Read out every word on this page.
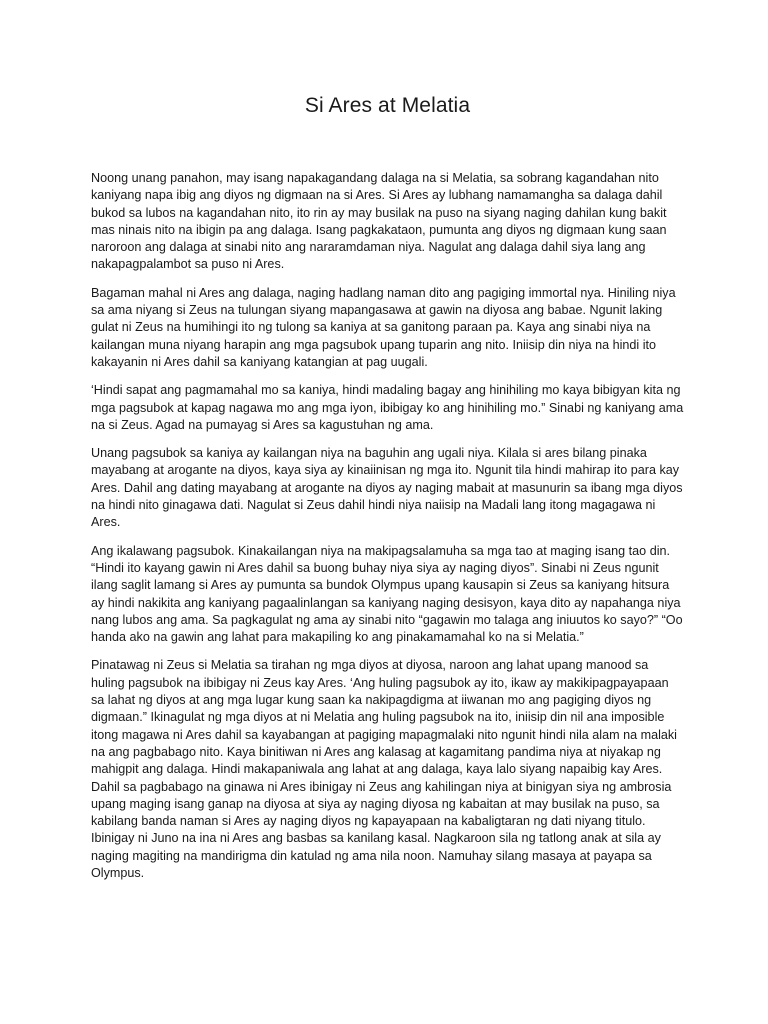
Si Ares at Melatia

Noong unang panahon, may isang napakagandang dalaga na si Melatia, sa sobrang kagandahan nito kaniyang napa ibig ang diyos ng digmaan na si Ares. Si Ares ay lubhang namamangha sa dalaga dahil bukod sa lubos na kagandahan nito, ito rin ay may busilak na puso na siyang naging dahilan kung bakit mas ninais nito na ibigin pa ang dalaga. Isang pagkakataon, pumunta ang diyos ng digmaan kung saan naroroon ang dalaga at sinabi nito ang nararamdaman niya. Nagulat ang dalaga dahil siya lang ang nakapagpalambot sa puso ni Ares.

Bagaman mahal ni Ares ang dalaga, naging hadlang naman dito ang pagiging immortal nya. Hiniling niya sa ama niyang si Zeus na tulungan siyang mapangasawa at gawin na diyosa ang babae. Ngunit laking gulat ni Zeus na humihingi ito ng tulong sa kaniya at sa ganitong paraan pa. Kaya ang sinabi niya na kailangan muna niyang harapin ang mga pagsubok upang tuparin ang nito. Iniisip din niya na hindi ito kakayanin ni Ares dahil sa kaniyang katangian at pag uugali.

‘Hindi sapat ang pagmamahal mo sa kaniya, hindi madaling bagay ang hinihiling mo kaya bibigyan kita ng mga pagsubok at kapag nagawa mo ang mga iyon, ibibigay ko ang hinihiling mo.” Sinabi ng kaniyang ama na si Zeus. Agad na pumayag si Ares sa kagustuhan ng ama.

Unang pagsubok sa kaniya ay kailangan niya na baguhin ang ugali niya. Kilala si ares bilang pinaka mayabang at arogante na diyos, kaya siya ay kinaiinisan ng mga ito. Ngunit tila hindi mahirap ito para kay Ares. Dahil ang dating mayabang at arogante na diyos ay naging mabait at masunurin sa ibang mga diyos na hindi nito ginagawa dati. Nagulat si Zeus dahil hindi niya naiisip na Madali lang itong magagawa ni Ares.

Ang ikalawang pagsubok. Kinakailangan niya na makipagsalamuha sa mga tao at maging isang tao din. “Hindi ito kayang gawin ni Ares dahil sa buong buhay niya siya ay naging diyos”. Sinabi ni Zeus ngunit ilang saglit lamang si Ares ay pumunta sa bundok Olympus upang kausapin si Zeus sa kaniyang hitsura ay hindi nakikita ang kaniyang pagaalinlangan sa kaniyang naging desisyon, kaya dito ay napahanga niya nang lubos ang ama. Sa pagkagulat ng ama ay sinabi nito “gagawin mo talaga ang iniuutos ko sayo?” “Oo handa ako na gawin ang lahat para makapiling ko ang pinakamamahal ko na si Melatia.”

Pinatawag ni Zeus si Melatia sa tirahan ng mga diyos at diyosa, naroon ang lahat upang manood sa huling pagsubok na ibibigay ni Zeus kay Ares. ‘Ang huling pagsubok ay ito, ikaw ay makikipagpayapaan sa lahat ng diyos at ang mga lugar kung saan ka nakipagdigma at iiwanan mo ang pagiging diyos ng digmaan.” Ikinagulat ng mga diyos at ni Melatia ang huling pagsubok na ito, iniisip din nil ana imposible itong magawa ni Ares dahil sa kayabangan at pagiging mapagmalaki nito ngunit hindi nila alam na malaki na ang pagbabago nito. Kaya binitiwan ni Ares ang kalasag at kagamitang pandima niya at niyakap ng mahigpit ang dalaga. Hindi makapaniwala ang lahat at ang dalaga, kaya lalo siyang napaibig kay Ares. Dahil sa pagbabago na ginawa ni Ares ibinigay ni Zeus ang kahilingan niya at binigyan siya ng ambrosia upang maging isang ganap na diyosa at siya ay naging diyosa ng kabaitan at may busilak na puso, sa kabilang banda naman si Ares ay naging diyos ng kapayapaan na kabaligtaran ng dati niyang titulo. Ibinigay ni Juno na ina ni Ares ang basbas sa kanilang kasal. Nagkaroon sila ng tatlong anak at sila ay naging magiting na mandirigma din katulad ng ama nila noon. Namuhay silang masaya at payapa sa Olympus.
